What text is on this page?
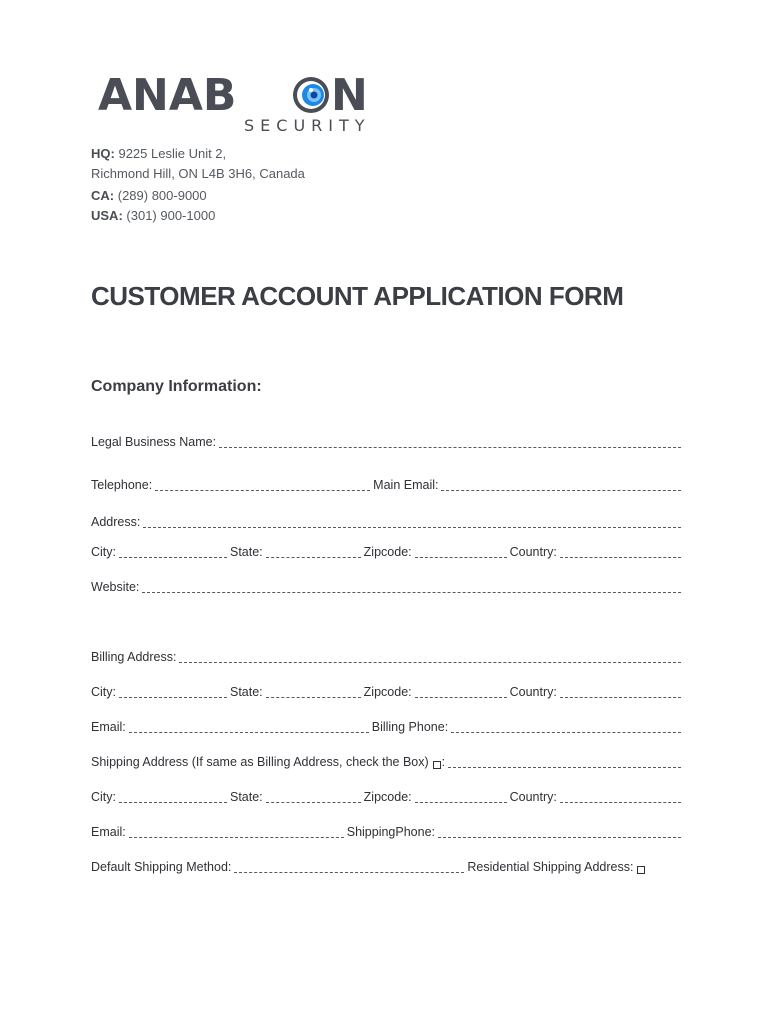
ANAB N
SECURITY
HQ: 9225 Leslie Unit 2,
Richmond Hill, ON L4B 3H6, Canada
CA: (289) 800-9000
USA: (301) 900-1000
CUSTOMER ACCOUNT APPLICATION FORM
Company Information:
Legal Business Name:
Telephone:	Main Email:
Address:
City:	State:	Zipcode:	Country:
Website:
Billing Address:
City:	State:	Zipcode:	Country:
Email:	Billing Phone:
Shipping Address (If same as Billing Address, check the Box) :
City:	State:	Zipcode:	Country:
Email:	ShippingPhone:
Default Shipping Method:	Residential Shipping Address:
